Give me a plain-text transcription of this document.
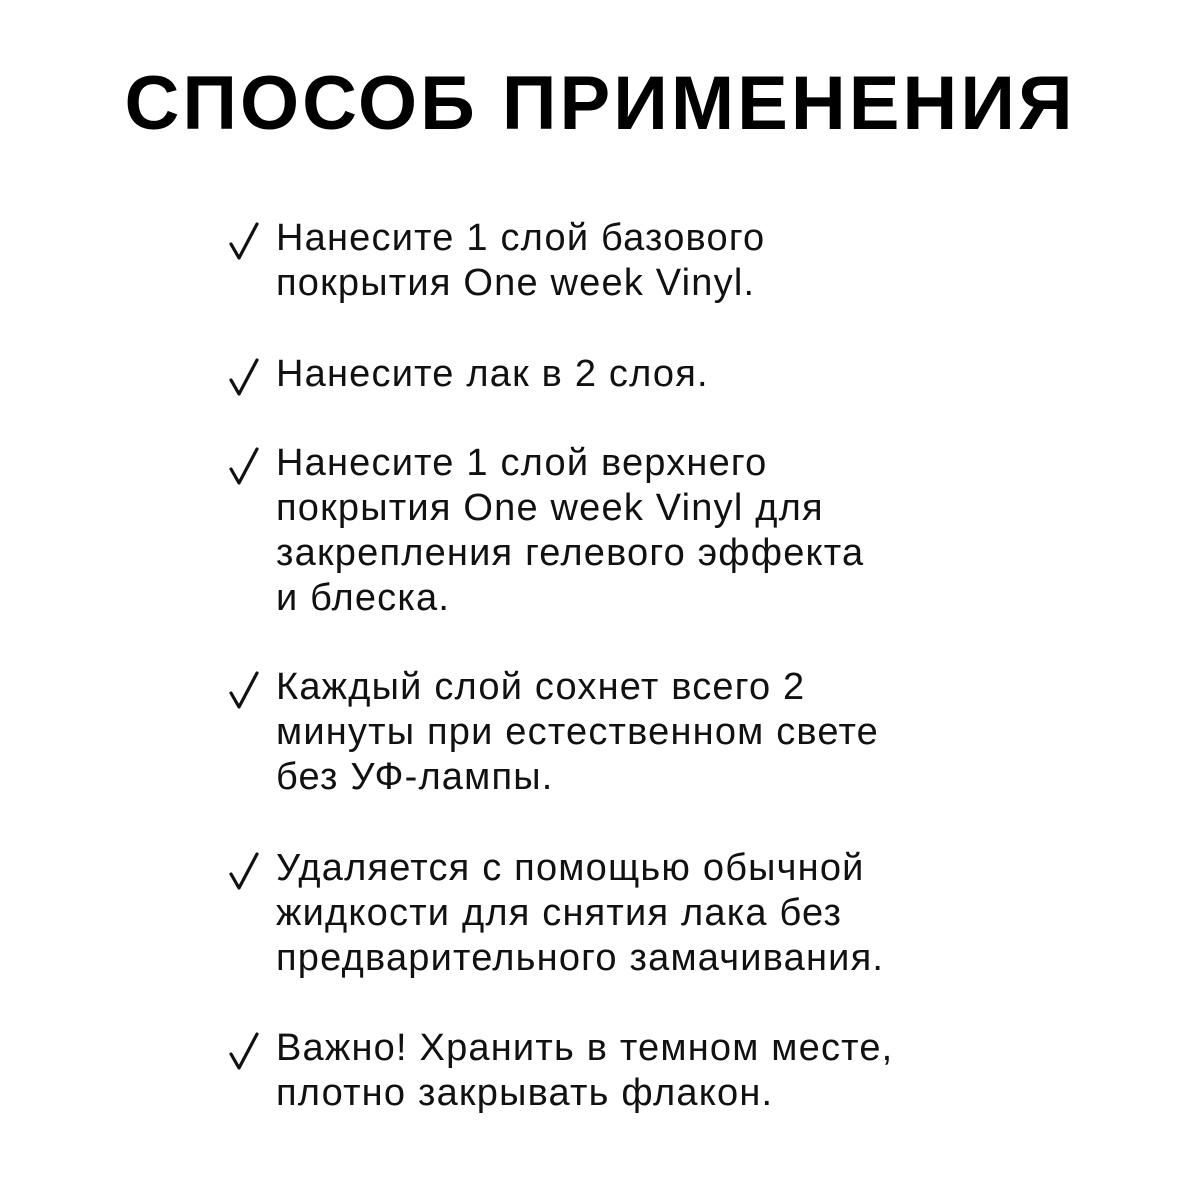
СПОСОБ ПРИМЕНЕНИЯ
Нанесите 1 слой базового
покрытия One week Vinyl.
Нанесите лак в 2 слоя.
Нанесите 1 слой верхнего
покрытия One week Vinyl для
закрепления гелевого эффекта
и блеска.
Каждый слой сохнет всего 2
минуты при естественном свете
без УФ-лампы.
Удаляется с помощью обычной
жидкости для снятия лака без
предварительного замачивания.
Важно! Хранить в темном месте,
плотно закрывать флакон.
